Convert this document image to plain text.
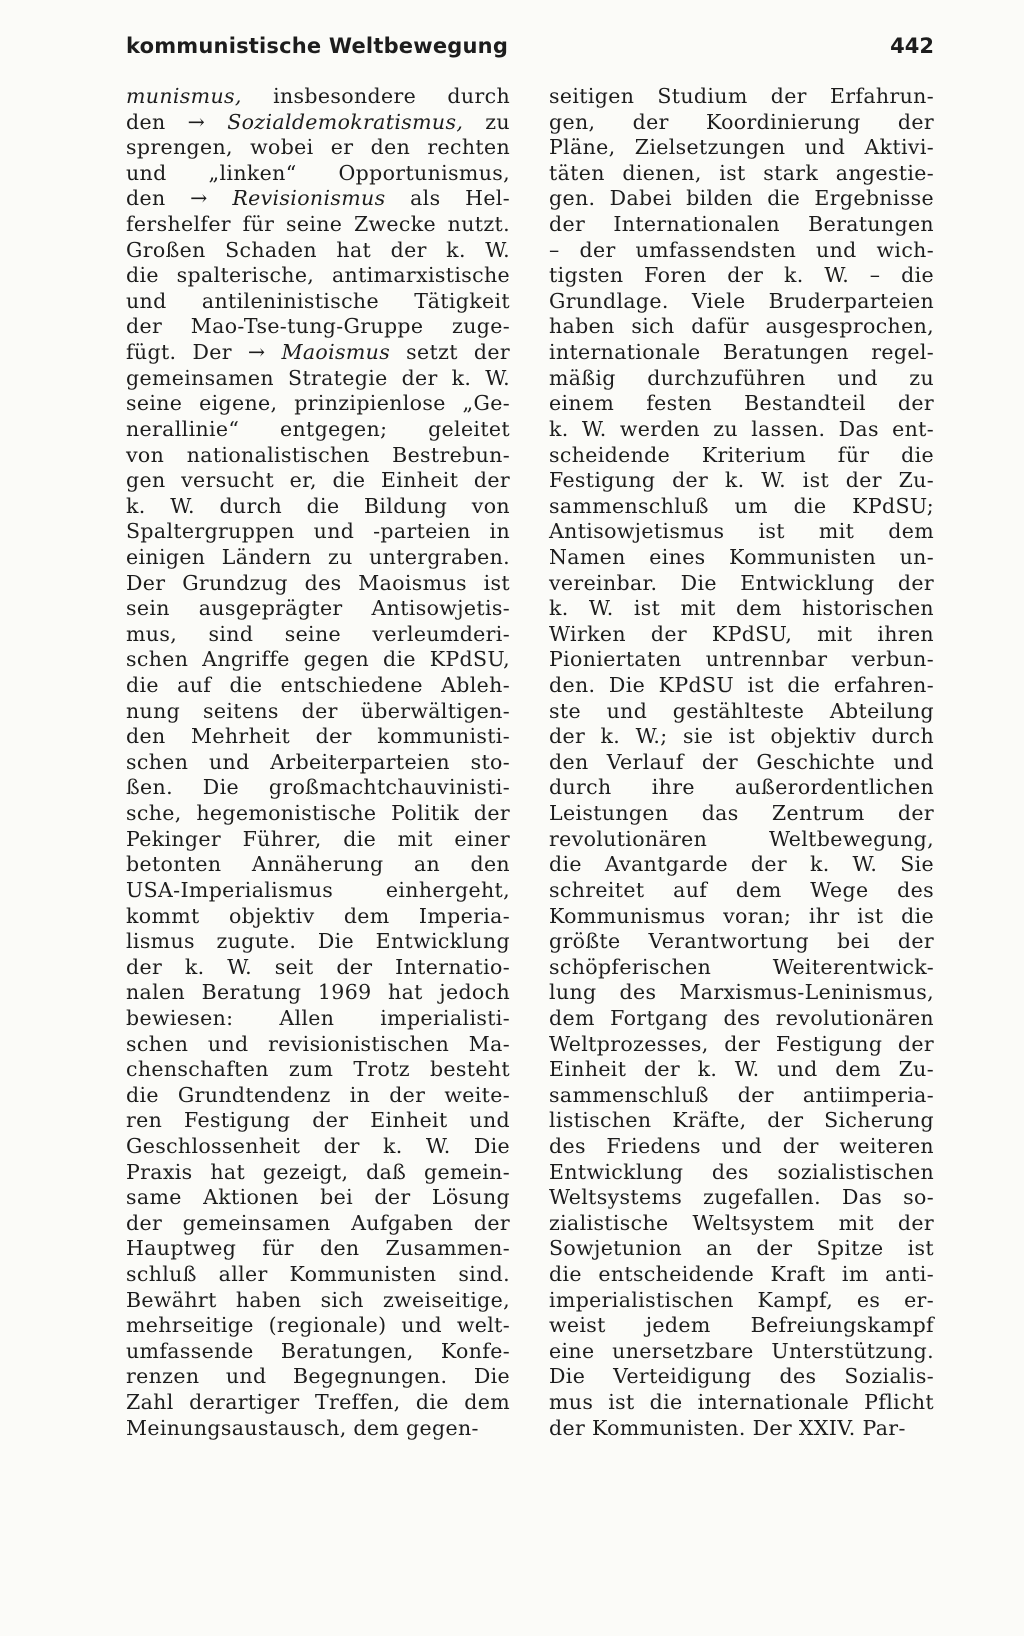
kommunistische Weltbewegung	442
munismus, insbesondere durch
den → Sozialdemokratismus, zu
sprengen, wobei er den rechten
und „linken“ Opportunismus,
den → Revisionismus als Hel-
fershelfer für seine Zwecke nutzt.
Großen Schaden hat der k. W.
die spalterische, antimarxistische
und antileninistische Tätigkeit
der Mao-Tse-tung-Gruppe zuge-
fügt. Der → Maoismus setzt der
gemeinsamen Strategie der k. W.
seine eigene, prinzipienlose „Ge-
nerallinie“ entgegen; geleitet
von nationalistischen Bestrebun-
gen versucht er, die Einheit der
k. W. durch die Bildung von
Spaltergruppen und -parteien in
einigen Ländern zu untergraben.
Der Grundzug des Maoismus ist
sein ausgeprägter Antisowjetis-
mus, sind seine verleumderi-
schen Angriffe gegen die KPdSU,
die auf die entschiedene Ableh-
nung seitens der überwältigen-
den Mehrheit der kommunisti-
schen und Arbeiterparteien sto-
ßen. Die großmachtchauvinisti-
sche, hegemonistische Politik der
Pekinger Führer, die mit einer
betonten Annäherung an den
USA-Imperialismus einhergeht,
kommt objektiv dem Imperia-
lismus zugute. Die Entwicklung
der k. W. seit der Internatio-
nalen Beratung 1969 hat jedoch
bewiesen: Allen imperialisti-
schen und revisionistischen Ma-
chenschaften zum Trotz besteht
die Grundtendenz in der weite-
ren Festigung der Einheit und
Geschlossenheit der k. W. Die
Praxis hat gezeigt, daß gemein-
same Aktionen bei der Lösung
der gemeinsamen Aufgaben der
Hauptweg für den Zusammen-
schluß aller Kommunisten sind.
Bewährt haben sich zweiseitige,
mehrseitige (regionale) und welt-
umfassende Beratungen, Konfe-
renzen und Begegnungen. Die
Zahl derartiger Treffen, die dem
Meinungsaustausch, dem gegen-
seitigen Studium der Erfahrun-
gen, der Koordinierung der
Pläne, Zielsetzungen und Aktivi-
täten dienen, ist stark angestie-
gen. Dabei bilden die Ergebnisse
der Internationalen Beratungen
– der umfassendsten und wich-
tigsten Foren der k. W. – die
Grundlage. Viele Bruderparteien
haben sich dafür ausgesprochen,
internationale Beratungen regel-
mäßig durchzuführen und zu
einem festen Bestandteil der
k. W. werden zu lassen. Das ent-
scheidende Kriterium für die
Festigung der k. W. ist der Zu-
sammenschluß um die KPdSU;
Antisowjetismus ist mit dem
Namen eines Kommunisten un-
vereinbar. Die Entwicklung der
k. W. ist mit dem historischen
Wirken der KPdSU, mit ihren
Pioniertaten untrennbar verbun-
den. Die KPdSU ist die erfahren-
ste und gestählteste Abteilung
der k. W.; sie ist objektiv durch
den Verlauf der Geschichte und
durch ihre außerordentlichen
Leistungen das Zentrum der
revolutionären Weltbewegung,
die Avantgarde der k. W. Sie
schreitet auf dem Wege des
Kommunismus voran; ihr ist die
größte Verantwortung bei der
schöpferischen Weiterentwick-
lung des Marxismus-Leninismus,
dem Fortgang des revolutionären
Weltprozesses, der Festigung der
Einheit der k. W. und dem Zu-
sammenschluß der antiimperia-
listischen Kräfte, der Sicherung
des Friedens und der weiteren
Entwicklung des sozialistischen
Weltsystems zugefallen. Das so-
zialistische Weltsystem mit der
Sowjetunion an der Spitze ist
die entscheidende Kraft im anti-
imperialistischen Kampf, es er-
weist jedem Befreiungskampf
eine unersetzbare Unterstützung.
Die Verteidigung des Sozialis-
mus ist die internationale Pflicht
der Kommunisten. Der XXIV. Par-
